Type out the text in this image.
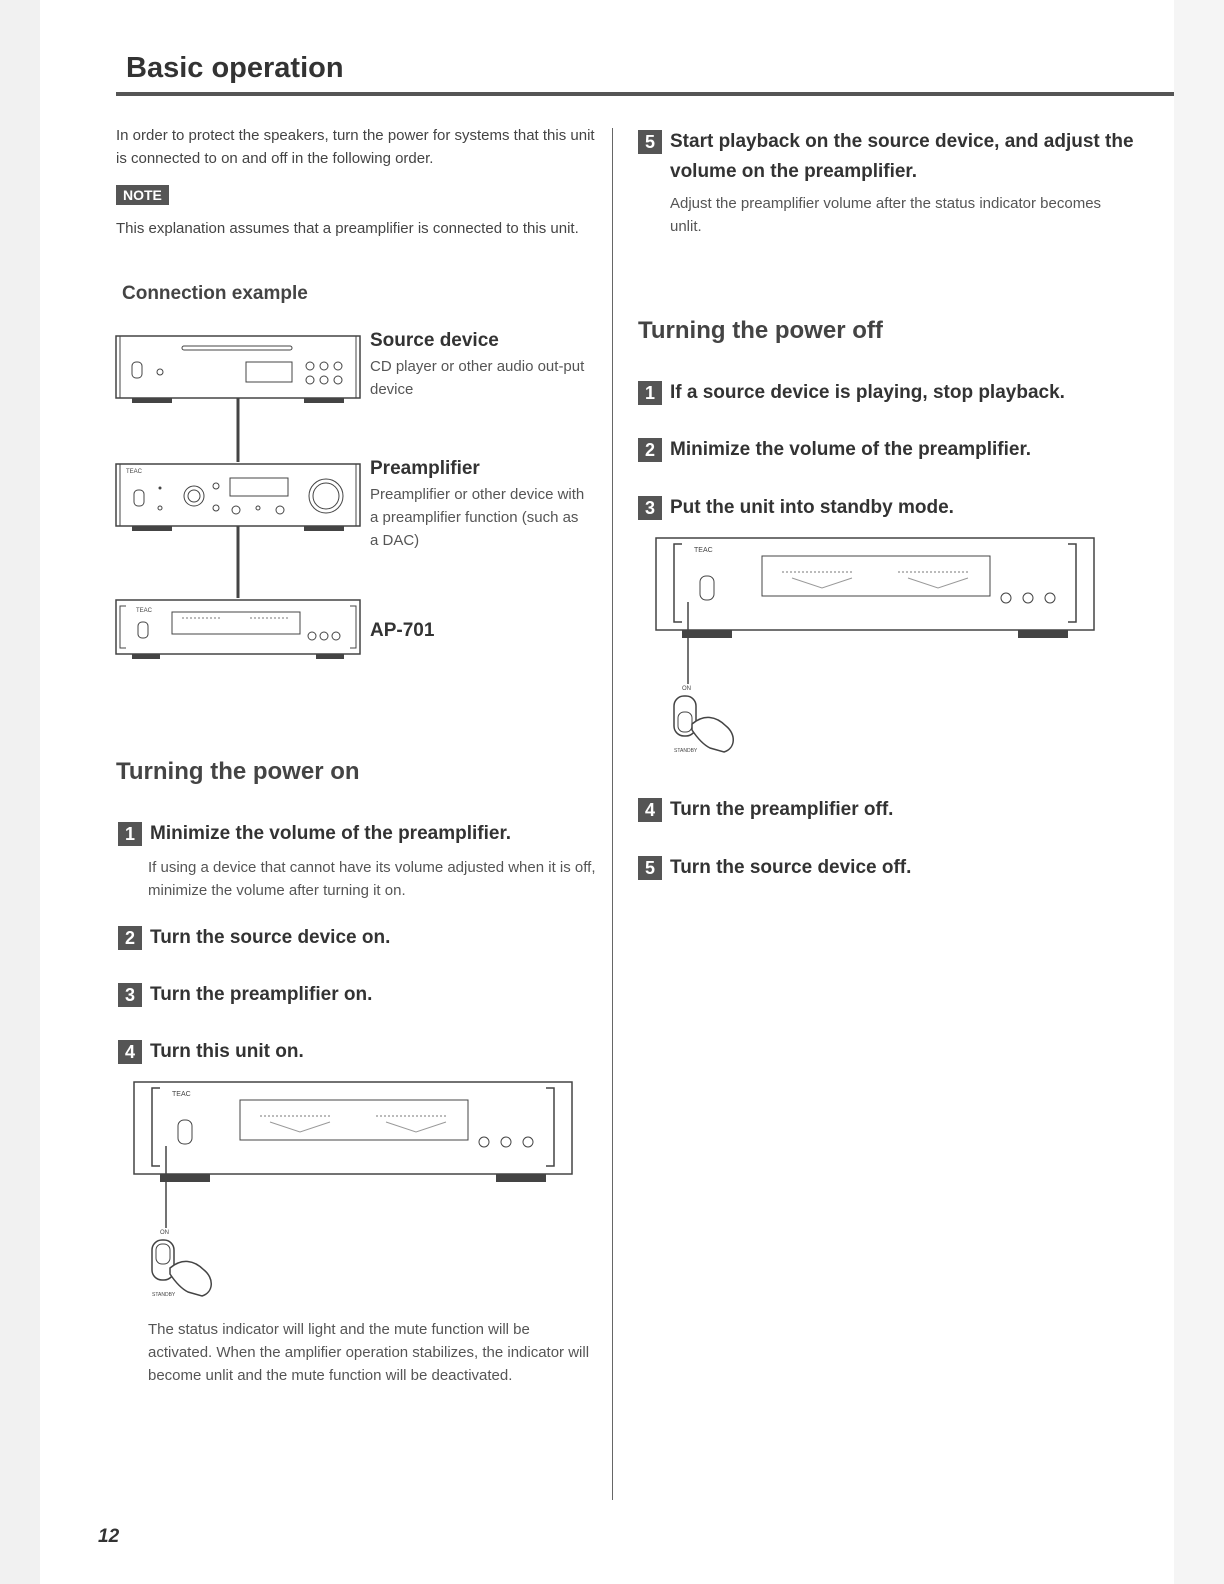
Basic operation
In order to protect the speakers, turn the power for systems that this unit is connected to on and off in the following order.
NOTE
This explanation assumes that a preamplifier is connected to this unit.
Connection example
TEAC
TEAC
Source device
CD player or other audio out-put device
Preamplifier
Preamplifier or other device with a preamplifier function (such as a DAC)
AP-701
Turning the power on
1 Minimize the volume of the preamplifier.
If using a device that cannot have its volume adjusted when it is off, minimize the volume after turning it on.
2 Turn the source device on.
3 Turn the preamplifier on.
4 Turn this unit on.
TEAC
ON
STANDBY
The status indicator will light and the mute function will be activated. When the amplifier operation stabilizes, the indicator will become unlit and the mute function will be deactivated.
5 Start playback on the source device, and adjust the volume on the preamplifier.
Adjust the preamplifier volume after the status indicator becomes unlit.
Turning the power off
1 If a source device is playing, stop playback.
2 Minimize the volume of the preamplifier.
3 Put the unit into standby mode.
TEAC
ON
STANDBY
4 Turn the preamplifier off.
5 Turn the source device off.
12
